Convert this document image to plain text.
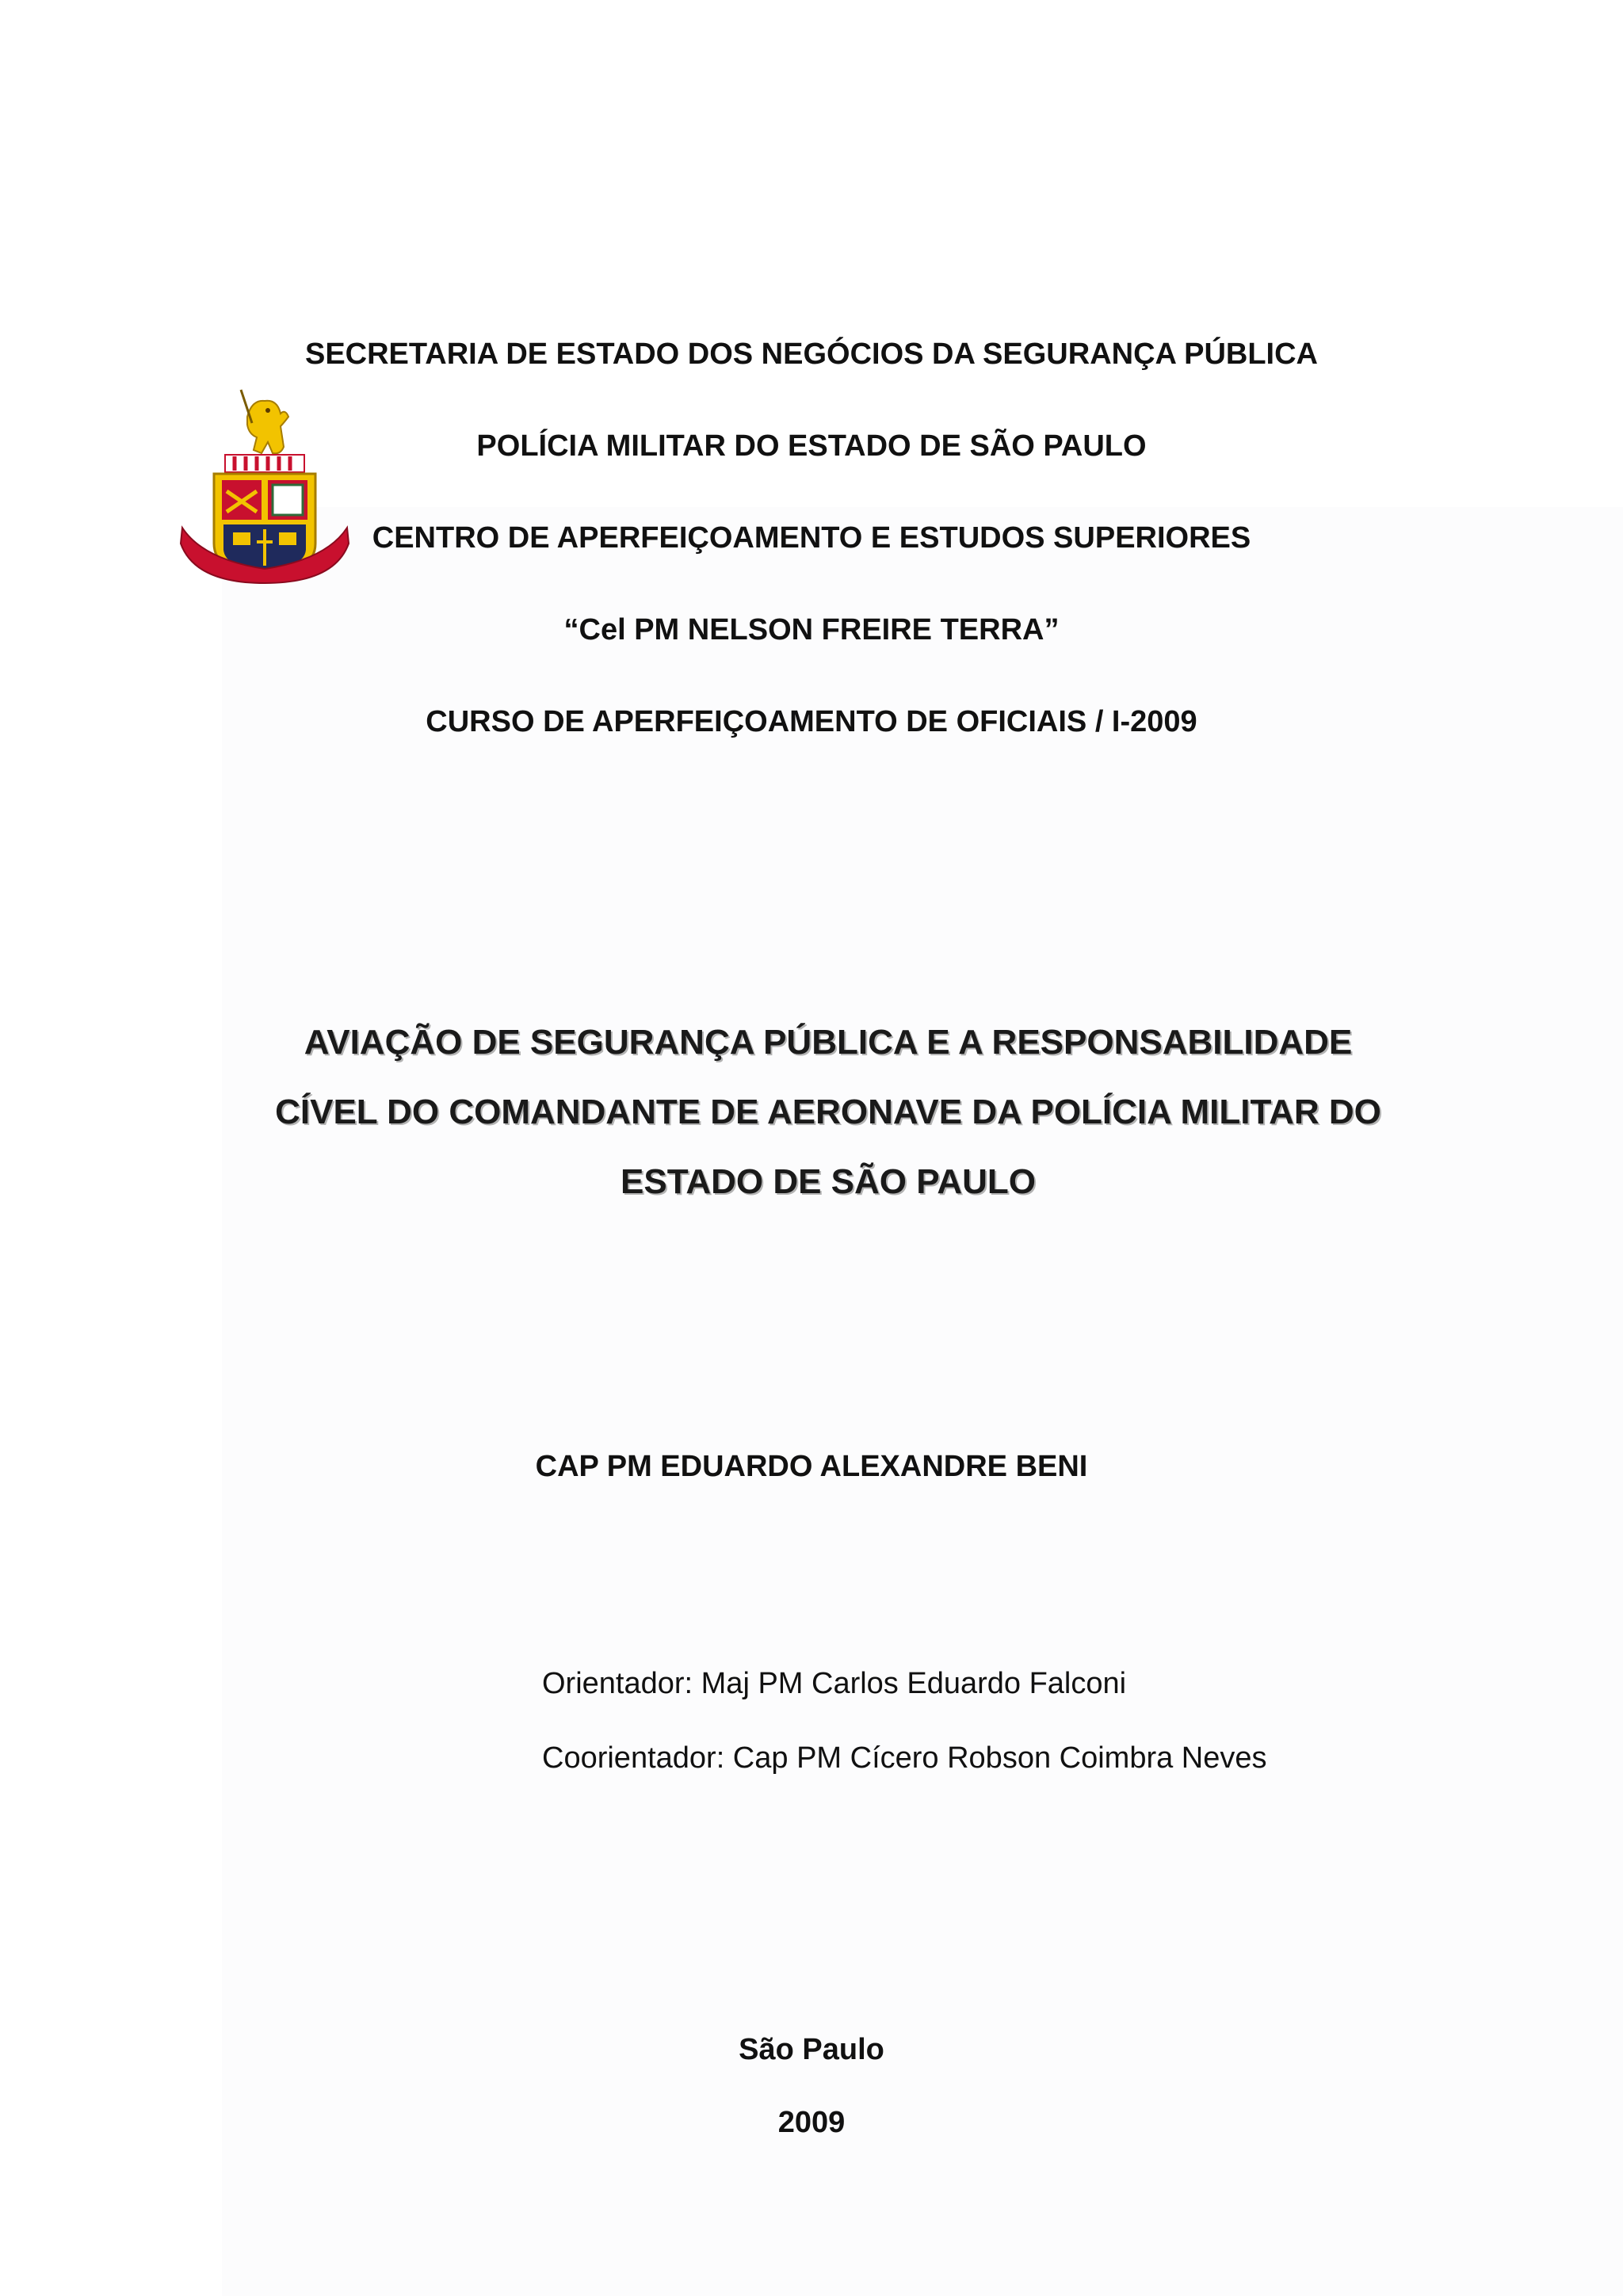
SECRETARIA DE ESTADO DOS NEGÓCIOS DA SEGURANÇA PÚBLICA
POLÍCIA MILITAR DO ESTADO DE SÃO PAULO
CENTRO DE APERFEIÇOAMENTO E ESTUDOS SUPERIORES
“Cel PM NELSON FREIRE TERRA”
CURSO DE APERFEIÇOAMENTO DE OFICIAIS / I-2009
AVIAÇÃO DE SEGURANÇA PÚBLICA E A RESPONSABILIDADE
CÍVEL DO COMANDANTE DE AERONAVE DA POLÍCIA MILITAR DO
ESTADO DE SÃO PAULO
CAP PM EDUARDO ALEXANDRE BENI
Orientador: Maj PM Carlos Eduardo Falconi
Coorientador: Cap PM Cícero Robson Coimbra Neves
São Paulo
2009
